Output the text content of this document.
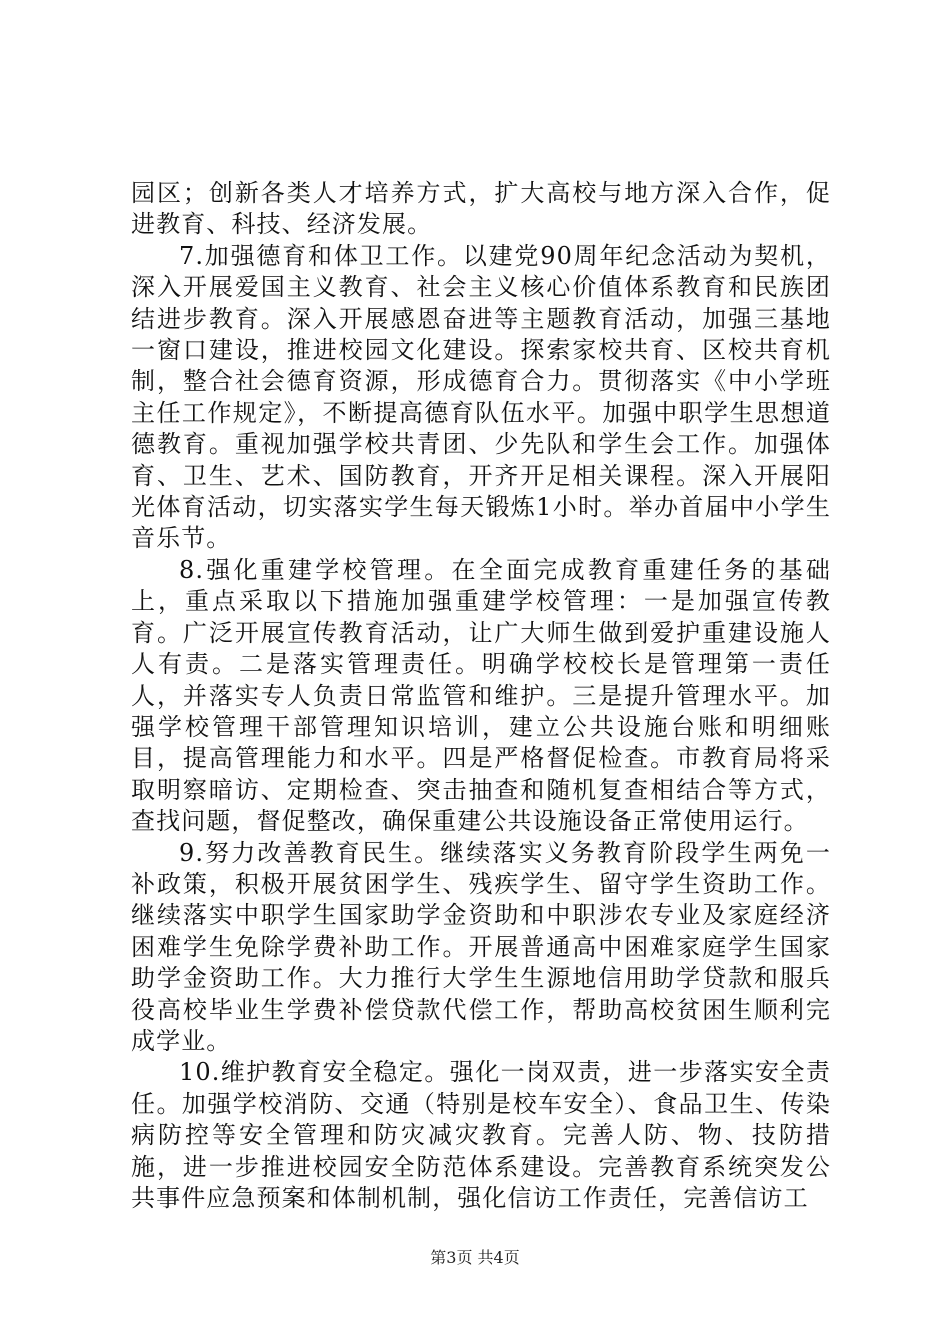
园区；创新各类人才培养方式，扩大高校与地方深入合作，促进教育、科技、经济发展。

7.加强德育和体卫工作。以建党90周年纪念活动为契机，深入开展爱国主义教育、社会主义核心价值体系教育和民族团结进步教育。深入开展感恩奋进等主题教育活动，加强三基地一窗口建设，推进校园文化建设。探索家校共育、区校共育机制，整合社会德育资源，形成德育合力。贯彻落实《中小学班主任工作规定》，不断提高德育队伍水平。加强中职学生思想道德教育。重视加强学校共青团、少先队和学生会工作。加强体育、卫生、艺术、国防教育，开齐开足相关课程。深入开展阳光体育活动，切实落实学生每天锻炼1小时。举办首届中小学生音乐节。

8.强化重建学校管理。在全面完成教育重建任务的基础上，重点采取以下措施加强重建学校管理：一是加强宣传教育。广泛开展宣传教育活动，让广大师生做到爱护重建设施人人有责。二是落实管理责任。明确学校校长是管理第一责任人，并落实专人负责日常监管和维护。三是提升管理水平。加强学校管理干部管理知识培训，建立公共设施台账和明细账目，提高管理能力和水平。四是严格督促检查。市教育局将采取明察暗访、定期检查、突击抽查和随机复查相结合等方式，查找问题，督促整改，确保重建公共设施设备正常使用运行。

9.努力改善教育民生。继续落实义务教育阶段学生两免一补政策，积极开展贫困学生、残疾学生、留守学生资助工作。继续落实中职学生国家助学金资助和中职涉农专业及家庭经济困难学生免除学费补助工作。开展普通高中困难家庭学生国家助学金资助工作。大力推行大学生生源地信用助学贷款和服兵役高校毕业生学费补偿贷款代偿工作，帮助高校贫困生顺利完成学业。

10.维护教育安全稳定。强化一岗双责，进一步落实安全责任。加强学校消防、交通（特别是校车安全）、食品卫生、传染病防控等安全管理和防灾减灾教育。完善人防、物、技防措施，进一步推进校园安全防范体系建设。完善教育系统突发公共事件应急预案和体制机制，强化信访工作责任，完善信访工

第3页 共4页
